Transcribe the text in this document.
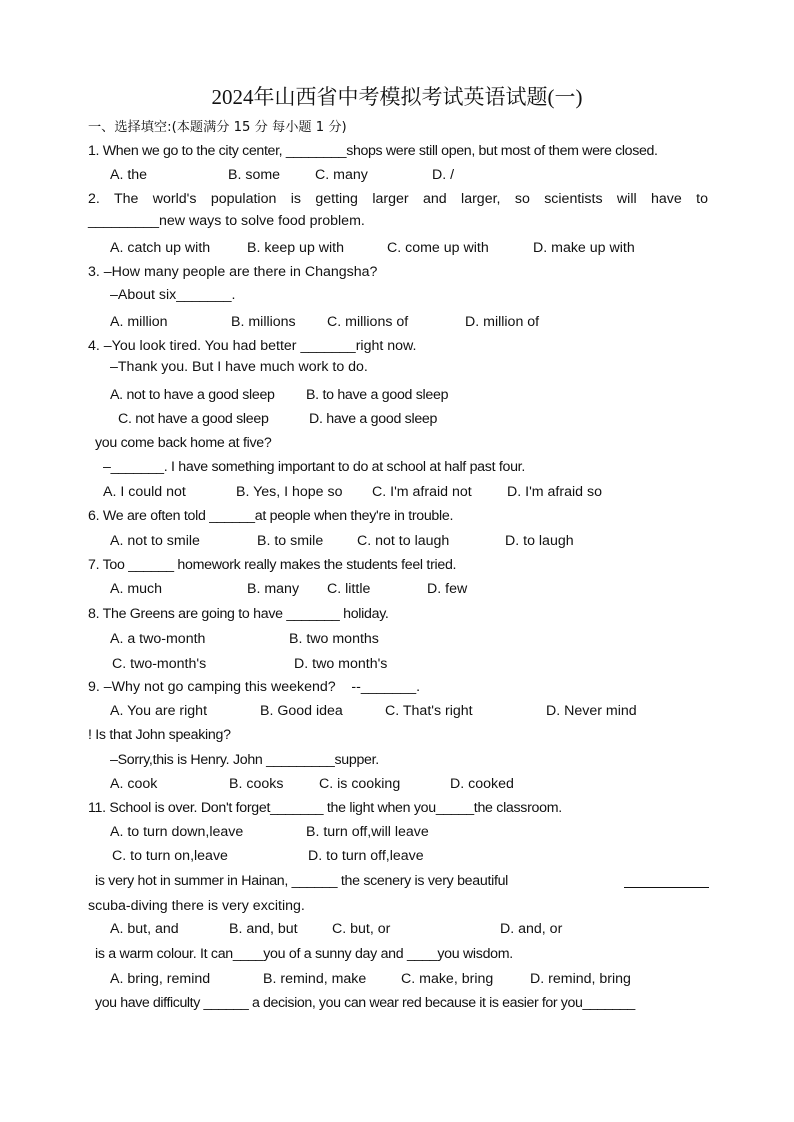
2024年山西省中考模拟考试英语试题(一)
一、选择填空:(本题满分 15 分 每小题 1 分)
1. When we go to the city center, ________shops were still open, but most of them were closed.
A. the	B. some C. many	D. /
2. The world's population is getting larger and larger, so scientists will have to
_________new ways to solve food problem.
A. catch up with	B. keep up with	C. come up with	D. make up with
3. –How many people are there in Changsha?
–About six_______.
A. million	B. millions C. millions of	D. million of
4. –You look tired. You had better _______right now.
–Thank you. But I have much work to do.
A. not to have a good sleep B. to have a good sleep
C. not have a good sleep	D. have a good sleep
you come back home at five?
–_______. I have something important to do at school at half past four.
A. I could not	B. Yes, I hope so C. I'm afraid not D. I'm afraid so
6. We are often told ______at people when they're in trouble.
A. not to smile	B. to smile C. not to laugh	D. to laugh
7. Too ______ homework really makes the students feel tried.
A. much	B. many C. little	D. few
8. The Greens are going to have _______ holiday.
A. a two-month	B. two months
C. two-month's	D. two month's
9. –Why not go camping this weekend?    --_______.
A. You are right	B. Good idea	C. That's right	D. Never mind
! Is that John speaking?
–Sorry,this is Henry. John _________supper.
A. cook	B. cooks	C. is cooking	D. cooked
11. School is over. Don't forget_______ the light when you_____the classroom.
A. to turn down,leave	B. turn off,will leave
C. to turn on,leave	D. to turn off,leave
is very hot in summer in Hainan, ______ the scenery is very beautiful
scuba-diving there is very exciting.
A. but, and	B. and, but C. but, or	D. and, or
is a warm colour. It can____you of a sunny day and ____you wisdom.
A. bring, remind	B. remind, make C. make, bring	D. remind, bring
you have difficulty ______ a decision, you can wear red because it is easier for you_______
